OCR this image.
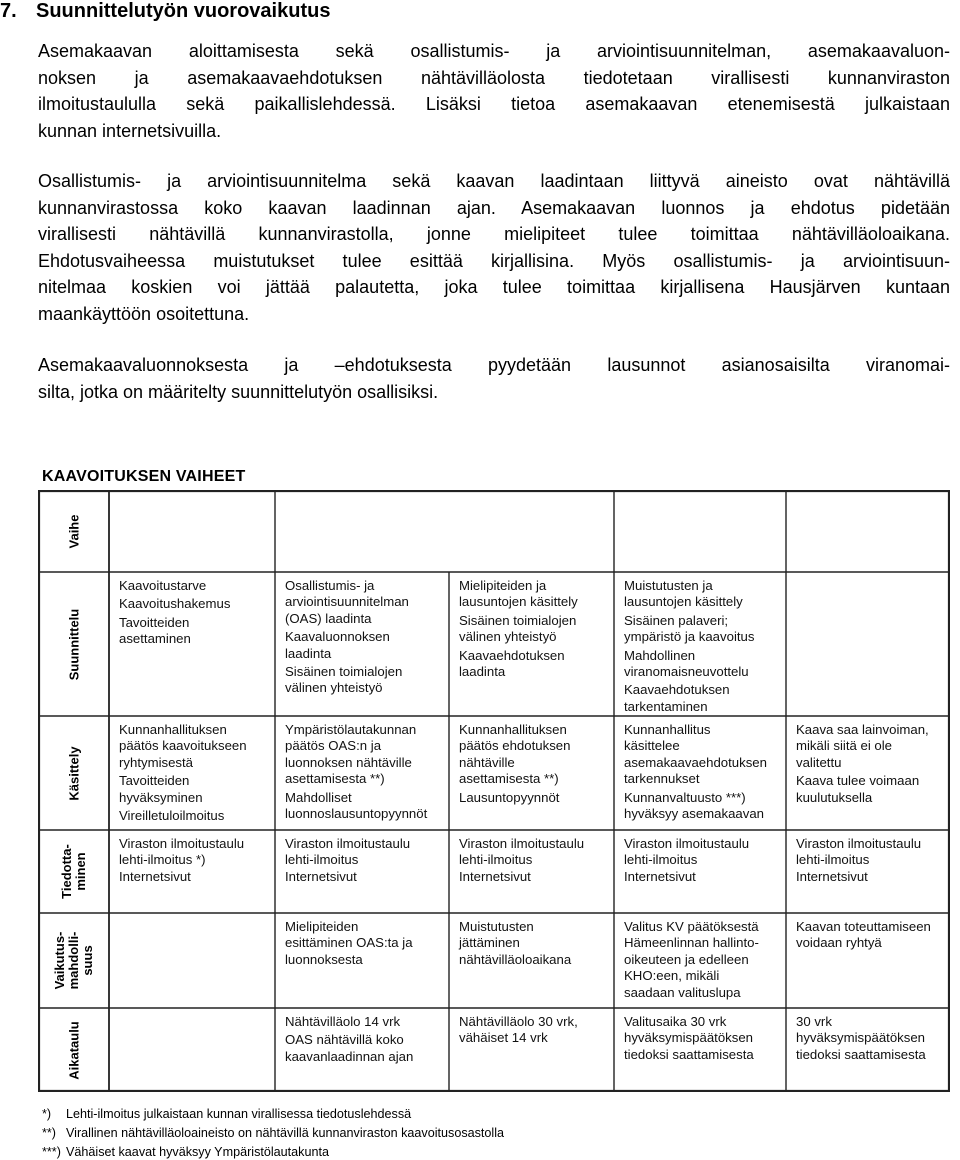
7. Suunnittelutyön vuorovaikutus
Asemakaavan aloittamisesta sekä osallistumis- ja arviointisuunnitelman, asemakaavaluon-
noksen ja asemakaavaehdotuksen nähtävilläolosta tiedotetaan virallisesti kunnanviraston
ilmoitustaululla sekä paikallislehdessä. Lisäksi tietoa asemakaavan etenemisestä julkaistaan
kunnan internetsivuilla.
Osallistumis- ja arviointisuunnitelma sekä kaavan laadintaan liittyvä aineisto ovat nähtävillä
kunnanvirastossa koko kaavan laadinnan ajan. Asemakaavan luonnos ja ehdotus pidetään
virallisesti nähtävillä kunnanvirastolla, jonne mielipiteet tulee toimittaa nähtävilläoloaikana.
Ehdotusvaiheessa muistutukset tulee esittää kirjallisina. Myös osallistumis- ja arviointisuun-
nitelmaa koskien voi jättää palautetta, joka tulee toimittaa kirjallisena Hausjärven kuntaan
maankäyttöön osoitettuna.
Asemakaavaluonnoksesta ja –ehdotuksesta pyydetään lausunnot asianosaisilta viranomai-
silta, jotka on määritelty suunnittelutyön osallisiksi.
KAAVOITUKSEN VAIHEET
Vaihe
Suunnittelu
Käsittely
Tiedotta- minen
Vaikutus- mahdolli- suus
Aikataulu
Kaavoitustarve
Kaavoitushakemus
Tavoitteiden
asettaminen
Osallistumis- ja
arviointisuunnitelman
(OAS) laadinta
Kaavaluonnoksen
laadinta
Sisäinen toimialojen
välinen yhteistyö
Mielipiteiden ja
lausuntojen käsittely
Sisäinen toimialojen
välinen yhteistyö
Kaavaehdotuksen
laadinta
Muistutusten ja
lausuntojen käsittely
Sisäinen palaveri;
ympäristö ja kaavoitus
Mahdollinen
viranomaisneuvottelu
Kaavaehdotuksen
tarkentaminen
Kunnanhallituksen
päätös kaavoitukseen
ryhtymisestä
Tavoitteiden
hyväksyminen
Vireilletuloilmoitus
Ympäristölautakunnan
päätös OAS:n ja
luonnoksen nähtäville
asettamisesta **)
Mahdolliset
luonnoslausuntopyynnöt
Kunnanhallituksen
päätös ehdotuksen
nähtäville
asettamisesta **)
Lausuntopyynnöt
Kunnanhallitus
käsittelee
asemakaavaehdotuksen
tarkennukset
Kunnanvaltuusto ***)
hyväksyy asemakaavan
Kaava saa lainvoiman,
mikäli siitä ei ole
valitettu
Kaava tulee voimaan
kuulutuksella
Viraston ilmoitustaulu
lehti-ilmoitus *)
Internetsivut
Viraston ilmoitustaulu
lehti-ilmoitus
Internetsivut
Viraston ilmoitustaulu
lehti-ilmoitus
Internetsivut
Viraston ilmoitustaulu
lehti-ilmoitus
Internetsivut
Viraston ilmoitustaulu
lehti-ilmoitus
Internetsivut
Mielipiteiden
esittäminen OAS:ta ja
luonnoksesta
Muistutusten
jättäminen
nähtävilläoloaikana
Valitus KV päätöksestä
Hämeenlinnan hallinto-
oikeuteen ja edelleen
KHO:een, mikäli
saadaan valituslupa
Kaavan toteuttamiseen
voidaan ryhtyä
Nähtävilläolo 14 vrk
OAS nähtävillä koko
kaavanlaadinnan ajan
Nähtävilläolo 30 vrk,
vähäiset 14 vrk
Valitusaika 30 vrk
hyväksymispäätöksen
tiedoksi saattamisesta
30 vrk
hyväksymispäätöksen
tiedoksi saattamisesta
*) Lehti-ilmoitus julkaistaan kunnan virallisessa tiedotuslehdessä
**) Virallinen nähtävilläoloaineisto on nähtävillä kunnanviraston kaavoitusosastolla
***) Vähäiset kaavat hyväksyy Ympäristölautakunta
